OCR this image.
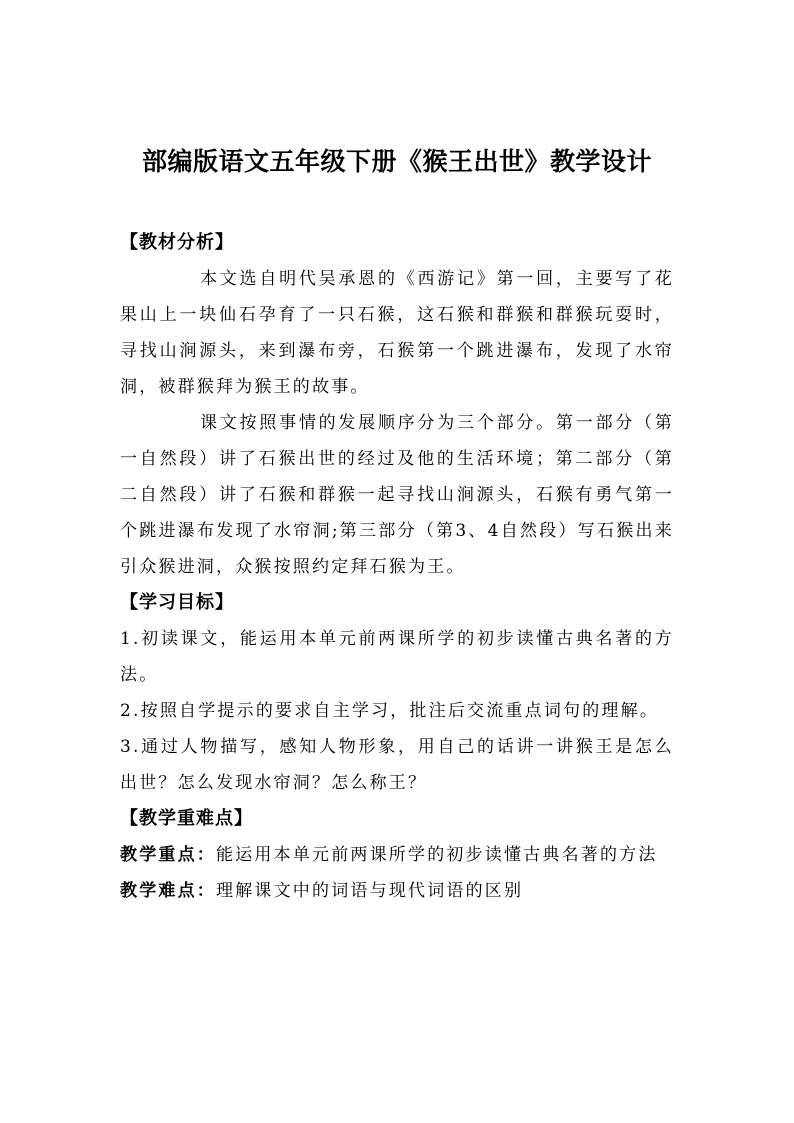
部编版语文五年级下册《猴王出世》教学设计

【教材分析】

本文选自明代吴承恩的《西游记》第一回，主要写了花果山上一块仙石孕育了一只石猴，这石猴和群猴和群猴玩耍时，寻找山涧源头，来到瀑布旁，石猴第一个跳进瀑布，发现了水帘洞，被群猴拜为猴王的故事。

课文按照事情的发展顺序分为三个部分。第一部分（第一自然段）讲了石猴出世的经过及他的生活环境；第二部分（第二自然段）讲了石猴和群猴一起寻找山涧源头，石猴有勇气第一个跳进瀑布发现了水帘洞;第三部分（第3、4自然段）写石猴出来引众猴进洞，众猴按照约定拜石猴为王。

【学习目标】

1.初读课文，能运用本单元前两课所学的初步读懂古典名著的方法。

2.按照自学提示的要求自主学习，批注后交流重点词句的理解。

3.通过人物描写，感知人物形象，用自己的话讲一讲猴王是怎么出世？怎么发现水帘洞？怎么称王？

【教学重难点】

教学重点：能运用本单元前两课所学的初步读懂古典名著的方法

教学难点：理解课文中的词语与现代词语的区别
